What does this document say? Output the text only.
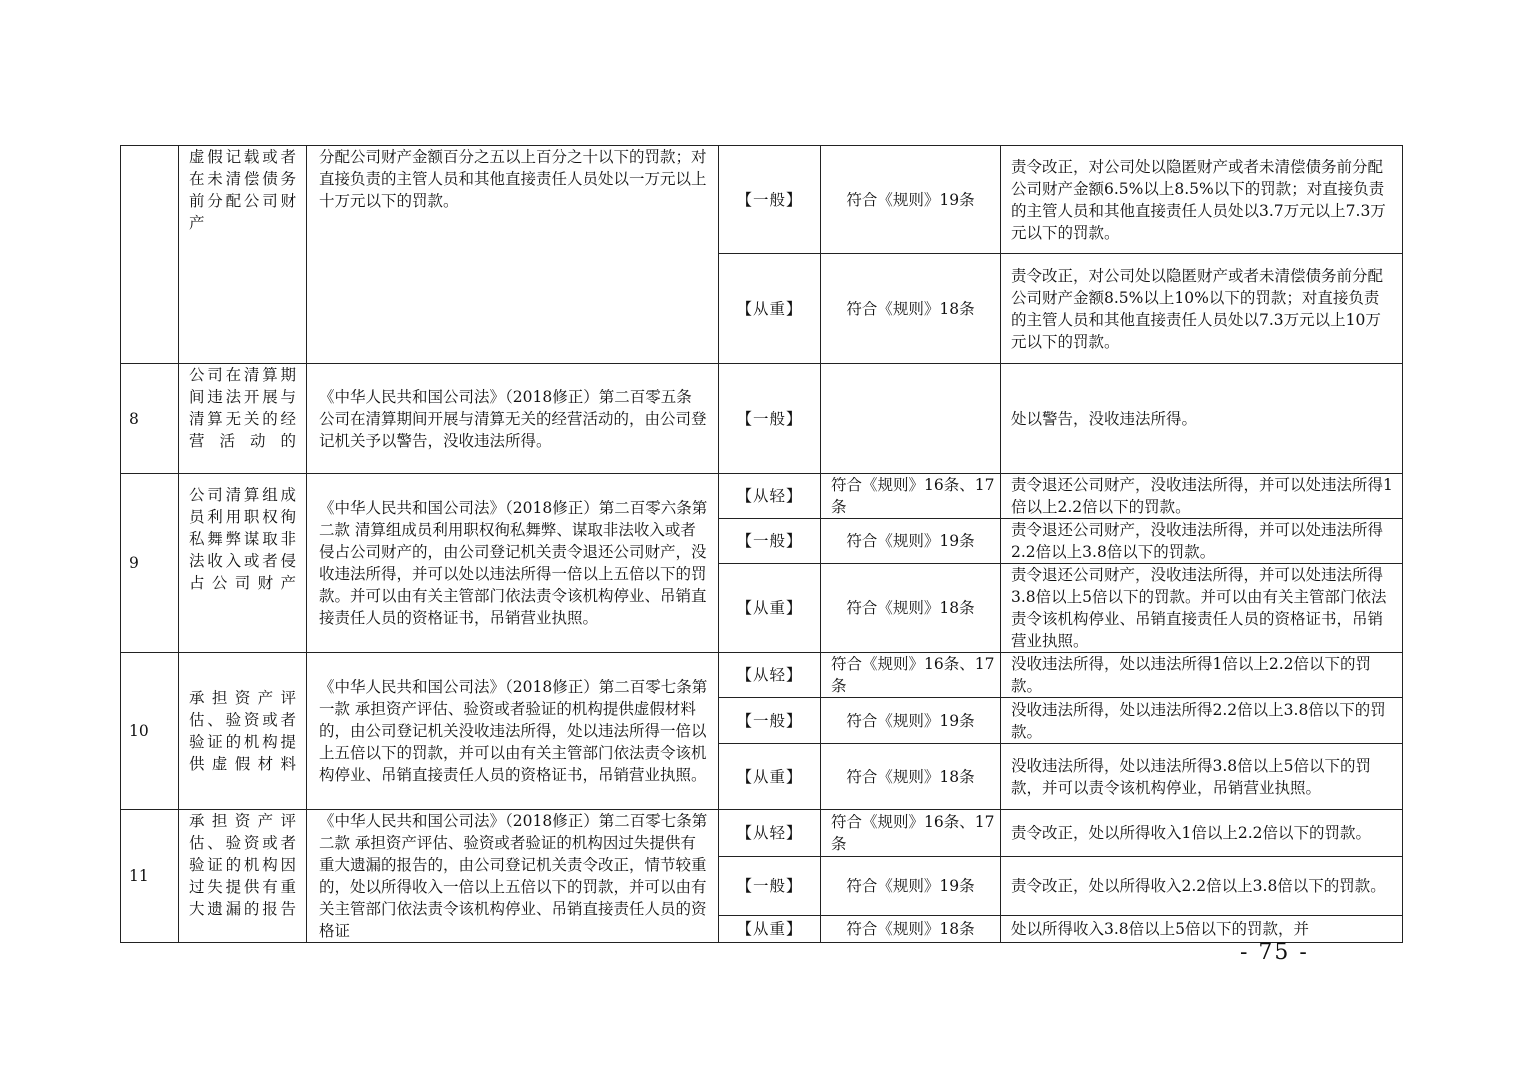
	虚假记载或者在未清偿债务前分配公司财产	分配公司财产金额百分之五以上百分之十以下的罚款；对直接负责的主管人员和其他直接责任人员处以一万元以上十万元以下的罚款。	【一般】	符合《规则》19条	责令改正，对公司处以隐匿财产或者未清偿债务前分配公司财产金额6.5%以上8.5%以下的罚款；对直接负责的主管人员和其他直接责任人员处以3.7万元以上7.3万元以下的罚款。
			【从重】	符合《规则》18条	责令改正，对公司处以隐匿财产或者未清偿债务前分配公司财产金额8.5%以上10%以下的罚款；对直接负责的主管人员和其他直接责任人员处以7.3万元以上10万元以下的罚款。
8	公司在清算期间违法开展与清算无关的经营活动的	《中华人民共和国公司法》（2018修正）第二百零五条 公司在清算期间开展与清算无关的经营活动的，由公司登记机关予以警告，没收违法所得。	【一般】		处以警告，没收违法所得。
9	公司清算组成员利用职权徇私舞弊谋取非法收入或者侵占公司财产	《中华人民共和国公司法》（2018修正）第二百零六条第二款 清算组成员利用职权徇私舞弊、谋取非法收入或者侵占公司财产的，由公司登记机关责令退还公司财产，没收违法所得，并可以处以违法所得一倍以上五倍以下的罚款。并可以由有关主管部门依法责令该机构停业、吊销直接责任人员的资格证书，吊销营业执照。	【从轻】	符合《规则》16条、17条	责令退还公司财产，没收违法所得，并可以处违法所得1倍以上2.2倍以下的罚款。
			【一般】	符合《规则》19条	责令退还公司财产，没收违法所得，并可以处违法所得2.2倍以上3.8倍以下的罚款。
			【从重】	符合《规则》18条	责令退还公司财产，没收违法所得，并可以处违法所得3.8倍以上5倍以下的罚款。并可以由有关主管部门依法责令该机构停业、吊销直接责任人员的资格证书，吊销营业执照。
10	承担资产评估、验资或者验证的机构提供虚假材料	《中华人民共和国公司法》（2018修正）第二百零七条第一款 承担资产评估、验资或者验证的机构提供虚假材料的，由公司登记机关没收违法所得，处以违法所得一倍以上五倍以下的罚款，并可以由有关主管部门依法责令该机构停业、吊销直接责任人员的资格证书，吊销营业执照。	【从轻】	符合《规则》16条、17条	没收违法所得，处以违法所得1倍以上2.2倍以下的罚款。
			【一般】	符合《规则》19条	没收违法所得，处以违法所得2.2倍以上3.8倍以下的罚款。
			【从重】	符合《规则》18条	没收违法所得，处以违法所得3.8倍以上5倍以下的罚款，并可以责令该机构停业，吊销营业执照。
11	承担资产评估、验资或者验证的机构因过失提供有重大遗漏的报告	《中华人民共和国公司法》（2018修正）第二百零七条第二款 承担资产评估、验资或者验证的机构因过失提供有重大遗漏的报告的，由公司登记机关责令改正，情节较重的，处以所得收入一倍以上五倍以下的罚款，并可以由有关主管部门依法责令该机构停业、吊销直接责任人员的资格证	【从轻】	符合《规则》16条、17条	责令改正，处以所得收入1倍以上2.2倍以下的罚款。
			【一般】	符合《规则》19条	责令改正，处以所得收入2.2倍以上3.8倍以下的罚款。
			【从重】	符合《规则》18条	处以所得收入3.8倍以上5倍以下的罚款，并
- 75 -
